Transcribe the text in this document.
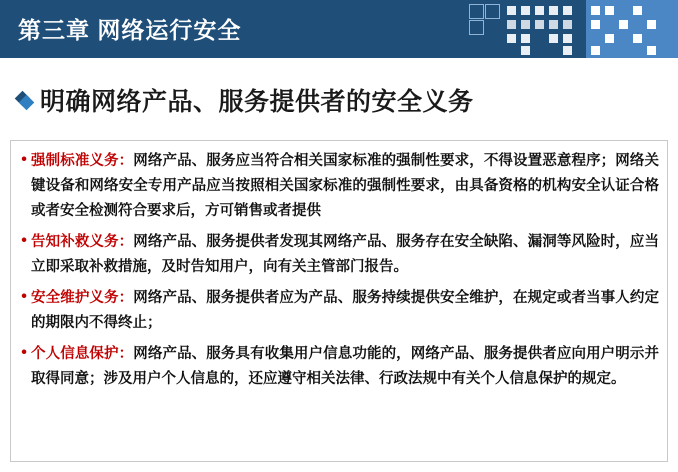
第三章 网络运行安全
明确网络产品、服务提供者的安全义务
• 强制标准义务：网络产品、服务应当符合相关国家标准的强制性要求，不得设置恶意程序；网络关键设备和网络安全专用产品应当按照相关国家标准的强制性要求，由具备资格的机构安全认证合格或者安全检测符合要求后，方可销售或者提供
• 告知补救义务：网络产品、服务提供者发现其网络产品、服务存在安全缺陷、漏洞等风险时，应当立即采取补救措施，及时告知用户，向有关主管部门报告。
• 安全维护义务：网络产品、服务提供者应为产品、服务持续提供安全维护，在规定或者当事人约定的期限内不得终止；
• 个人信息保护：网络产品、服务具有收集用户信息功能的，网络产品、服务提供者应向用户明示并取得同意；涉及用户个人信息的，还应遵守相关法律、行政法规中有关个人信息保护的规定。
